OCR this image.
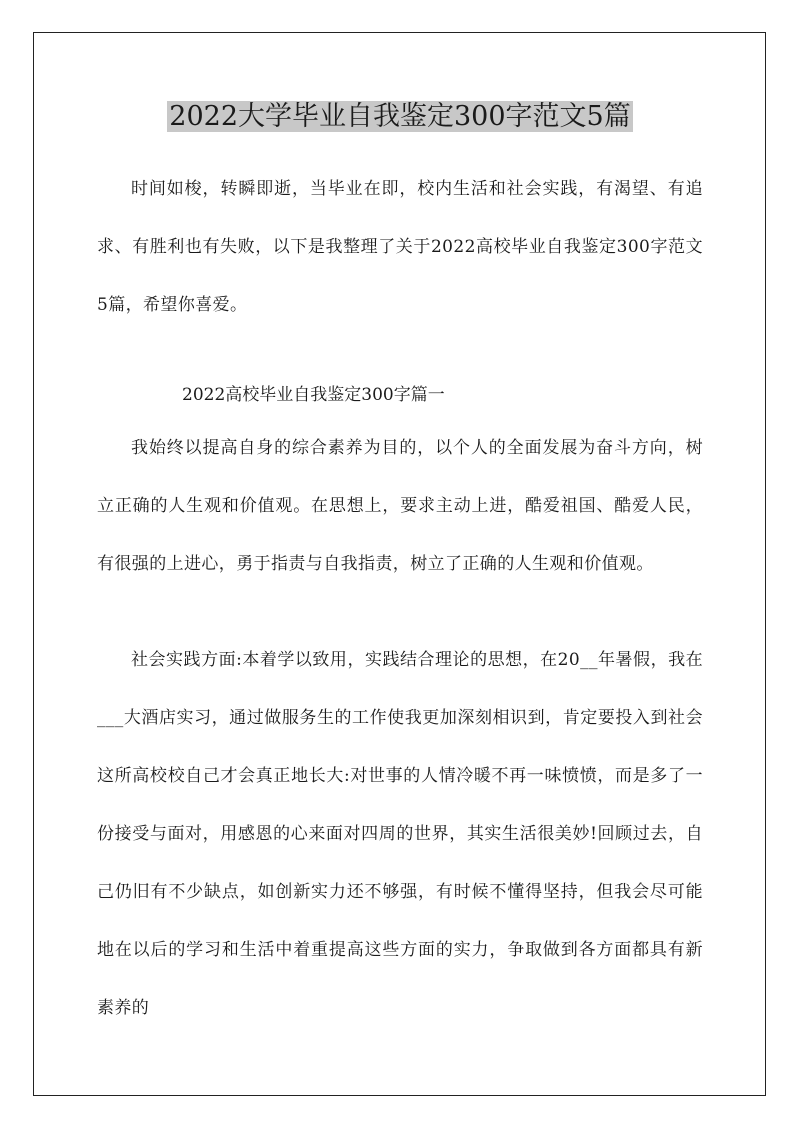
2022大学毕业自我鉴定300字范文5篇

时间如梭，转瞬即逝，当毕业在即，校内生活和社会实践，有渴望、有追求、有胜利也有失败，以下是我整理了关于2022高校毕业自我鉴定300字范文5篇，希望你喜爱。

2022高校毕业自我鉴定300字篇一

我始终以提高自身的综合素养为目的，以个人的全面发展为奋斗方向，树立正确的人生观和价值观。在思想上，要求主动上进，酷爱祖国、酷爱人民，有很强的上进心，勇于指责与自我指责，树立了正确的人生观和价值观。

社会实践方面:本着学以致用，实践结合理论的思想，在20__年暑假，我在___大酒店实习，通过做服务生的工作使我更加深刻相识到，肯定要投入到社会这所高校校自己才会真正地长大:对世事的人情冷暖不再一味愤愤，而是多了一份接受与面对，用感恩的心来面对四周的世界，其实生活很美妙!回顾过去，自己仍旧有不少缺点，如创新实力还不够强，有时候不懂得坚持，但我会尽可能地在以后的学习和生活中着重提高这些方面的实力，争取做到各方面都具有新素养的
